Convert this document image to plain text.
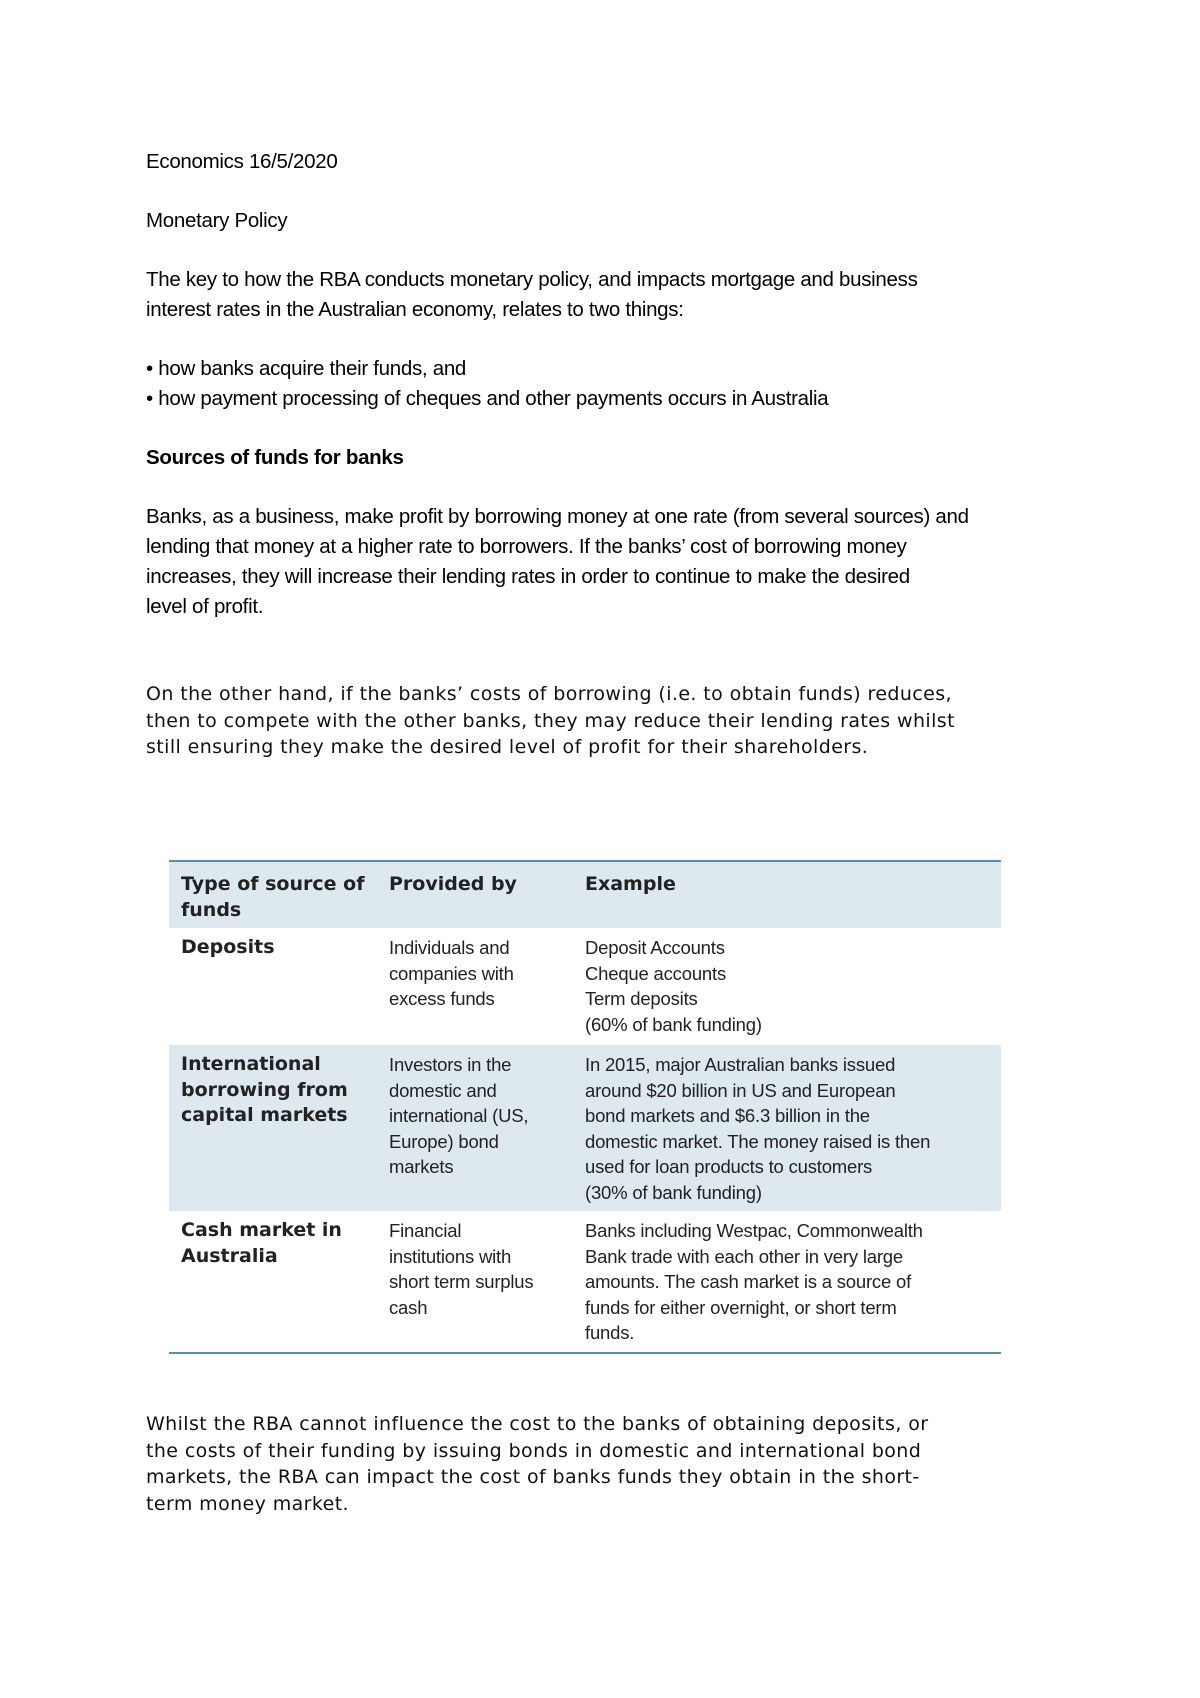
Economics 16/5/2020

Monetary Policy

The key to how the RBA conducts monetary policy, and impacts mortgage and business
interest rates in the Australian economy, relates to two things:
• how banks acquire their funds, and
• how payment processing of cheques and other payments occurs in Australia

Sources of funds for banks

Banks, as a business, make profit by borrowing money at one rate (from several sources) and
lending that money at a higher rate to borrowers. If the banks’ cost of borrowing money
increases, they will increase their lending rates in order to continue to make the desired
level of profit.
On the other hand, if the banks’ costs of borrowing (i.e. to obtain funds) reduces,
then to compete with the other banks, they may reduce their lending rates whilst
still ensuring they make the desired level of profit for their shareholders.
Type of source of
funds
Provided by	Example
Deposits	Individuals and
companies with
excess funds
Deposit Accounts
Cheque accounts
Term deposits
(60% of bank funding)
International
borrowing from
capital markets
Investors in the
domestic and
international (US,
Europe) bond
markets
In 2015, major Australian banks issued
around $20 billion in US and European
bond markets and $6.3 billion in the
domestic market. The money raised is then
used for loan products to customers
(30% of bank funding)
Cash market in
Australia
Financial
institutions with
short term surplus
cash
Banks including Westpac, Commonwealth
Bank trade with each other in very large
amounts. The cash market is a source of
funds for either overnight, or short term
funds.
Whilst the RBA cannot influence the cost to the banks of obtaining deposits, or
the costs of their funding by issuing bonds in domestic and international bond
markets, the RBA can impact the cost of banks funds they obtain in the short-
term money market.
